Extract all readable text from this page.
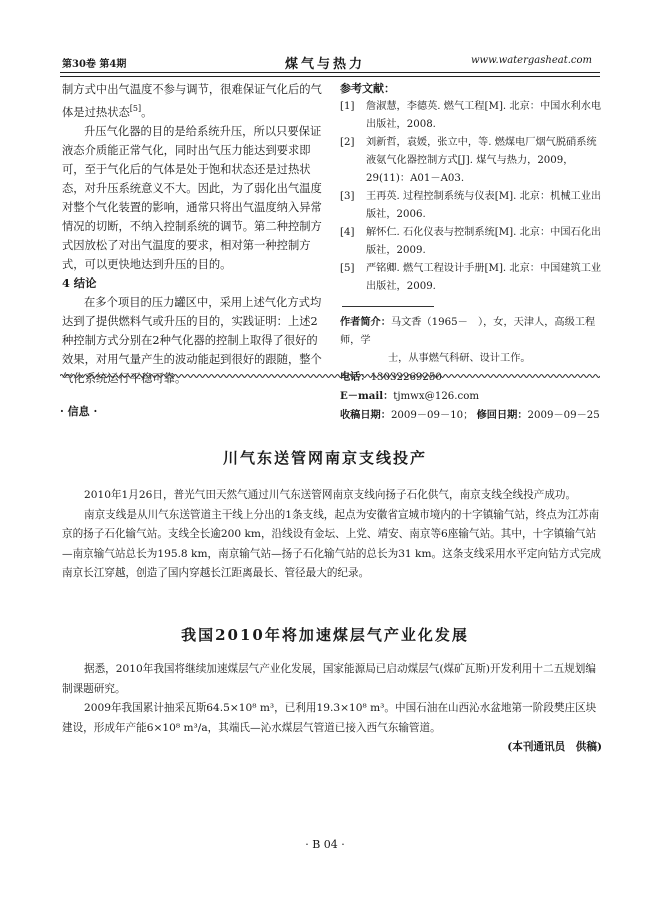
第30卷 第4期	煤气与热力	www.watergasheat.com

制方式中出气温度不参与调节，很难保证气化后的气体是过热状态[5]。

升压气化器的目的是给系统升压，所以只要保证液态介质能正常气化，同时出气压力能达到要求即可，至于气化后的气体是处于饱和状态还是过热状态，对升压系统意义不大。因此，为了弱化出气温度对整个气化装置的影响，通常只将出气温度纳入异常情况的切断，不纳入控制系统的调节。第二种控制方式因放松了对出气温度的要求，相对第一种控制方式，可以更快地达到升压的目的。

4 结论

在多个项目的压力罐区中，采用上述气化方式均达到了提供燃料气或升压的目的，实践证明：上述2种控制方式分别在2种气化器的控制上取得了很好的效果，对用气量产生的波动能起到很好的跟随，整个气化系统运行平稳可靠。

参考文献：
[1]	詹淑慧，李德英. 燃气工程[M]. 北京：中国水利水电出版社，2008.
[2]	刘新哲，袁媛，张立中，等. 燃煤电厂烟气脱硝系统液氨气化器控制方式[J]. 煤气与热力，2009，29(11)：A01－A03.
[3]	王再英. 过程控制系统与仪表[M]. 北京：机械工业出版社，2006.
[4]	解怀仁. 石化仪表与控制系统[M]. 北京：中国石化出版社，2009.
[5]	严铭卿. 燃气工程设计手册[M]. 北京：中国建筑工业出版社，2009.
作者简介：马文香（1965－　），女，天津人，高级工程师，学
士，从事燃气科研、设计工作。
电话：13032269250
E－mail：tjmwx@126.com
收稿日期：2009－09－10； 修回日期：2009－09－25
· 信息 ·
川气东送管网南京支线投产

2010年1月26日，普光气田天然气通过川气东送管网南京支线向扬子石化供气，南京支线全线投产成功。

南京支线是从川气东送管道主干线上分出的1条支线，起点为安徽省宣城市境内的十字镇输气站，终点为江苏南京的扬子石化输气站。支线全长逾200 km，沿线设有金坛、上党、靖安、南京等6座输气站。其中，十字镇输气站—南京输气站总长为195.8 km，南京输气站—扬子石化输气站的总长为31 km。这条支线采用水平定向钻方式完成南京长江穿越，创造了国内穿越长江距离最长、管径最大的纪录。

我国2010年将加速煤层气产业化发展

据悉，2010年我国将继续加速煤层气产业化发展，国家能源局已启动煤层气(煤矿瓦斯)开发利用十二五规划编制课题研究。

2009年我国累计抽采瓦斯64.5×10⁸ m³，已利用19.3×10⁸ m³。中国石油在山西沁水盆地第一阶段樊庄区块建设，形成年产能6×10⁸ m³/a，其端氏—沁水煤层气管道已接入西气东输管道。

(本刊通讯员　供稿)
· B 04 ·
